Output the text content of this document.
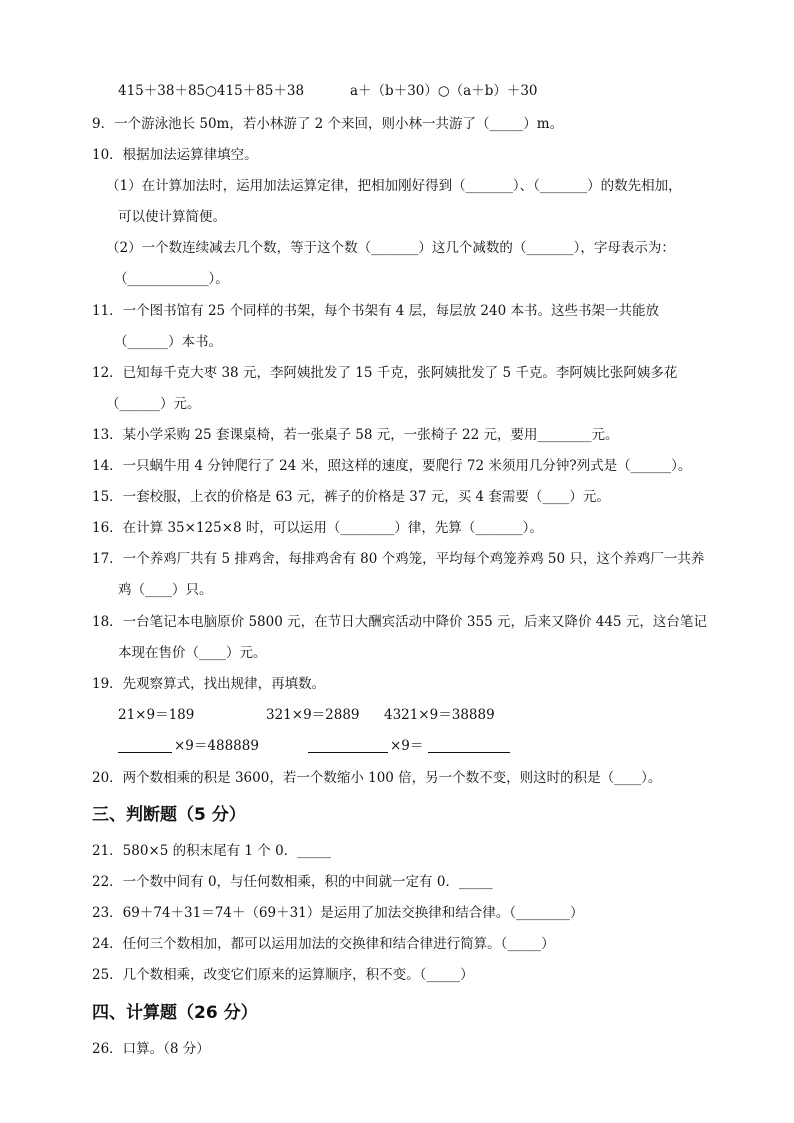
415＋38＋85○415＋85＋38	a＋（b＋30）○（a＋b）＋30
9．一个游泳池长 50m，若小林游了 2 个来回，则小林一共游了（_____）m。
10．根据加法运算律填空。
（1）在计算加法时，运用加法运算定律，把相加刚好得到（_______）、（_______）的数先相加，
可以使计算简便。
（2）一个数连续减去几个数，等于这个数（_______）这几个减数的（_______），字母表示为：
（____________）。
11．一个图书馆有 25 个同样的书架，每个书架有 4 层，每层放 240 本书。这些书架一共能放
（______）本书。
12．已知每千克大枣 38 元，李阿姨批发了 15 千克，张阿姨批发了 5 千克。李阿姨比张阿姨多花
（______）元。
13．某小学采购 25 套课桌椅，若一张桌子 58 元，一张椅子 22 元，要用________元。
14．一只蜗牛用 4 分钟爬行了 24 米，照这样的速度，要爬行 72 米须用几分钟?列式是（______）。
15．一套校服，上衣的价格是 63 元，裤子的价格是 37 元，买 4 套需要（____）元。
16．在计算 35×125×8 时，可以运用（________）律，先算（_______）。
17．一个养鸡厂共有 5 排鸡舍，每排鸡舍有 80 个鸡笼，平均每个鸡笼养鸡 50 只，这个养鸡厂一共养
鸡（____）只。
18．一台笔记本电脑原价 5800 元，在节日大酬宾活动中降价 355 元，后来又降价 445 元，这台笔记
本现在售价（____）元。
19．先观察算式，找出规律，再填数。
21×9＝189	321×9＝2889 4321×9＝38889
×9＝488889	×9＝
20．两个数相乘的积是 3600，若一个数缩小 100 倍，另一个数不变，则这时的积是（____）。
三、判断题（5 分）
21．580×5 的积末尾有 1 个 0．_____
22．一个数中间有 0，与任何数相乘，积的中间就一定有 0．_____
23．69＋74＋31＝74＋（69＋31）是运用了加法交换律和结合律。（________）
24．任何三个数相加，都可以运用加法的交换律和结合律进行简算。（_____）
25．几个数相乘，改变它们原来的运算顺序，积不变。（_____）
四、计算题（26 分）
26．口算。（8 分）
